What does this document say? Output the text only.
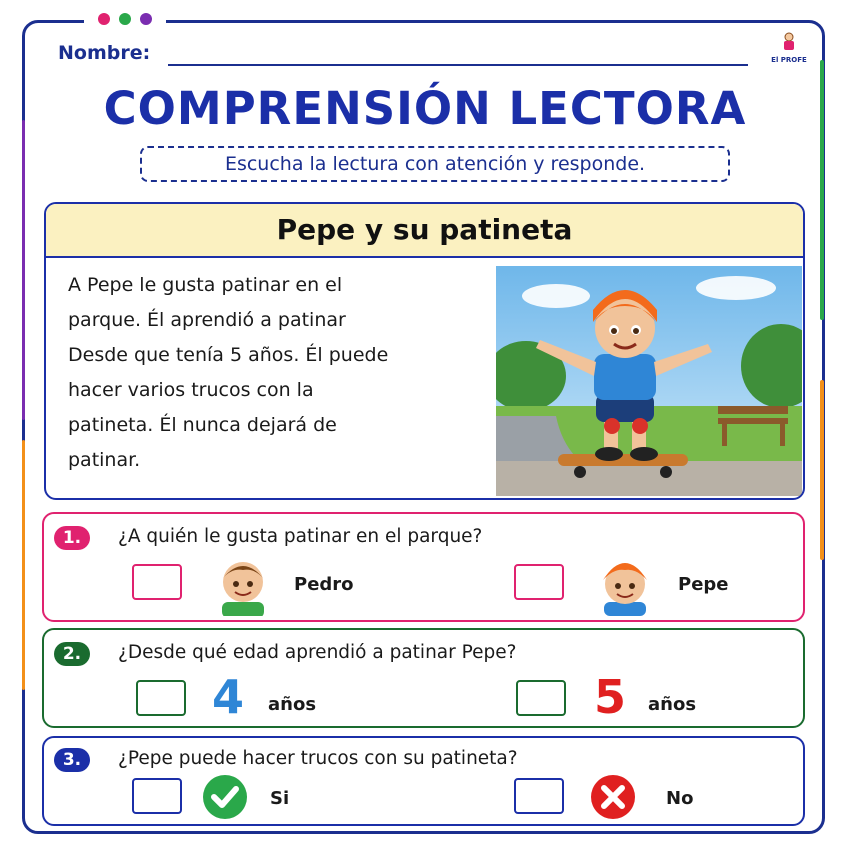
Nombre:	El PROFE
COMPRENSIÓN LECTORA
Escucha la lectura con atención y responde.
Pepe y su patineta
A Pepe le gusta patinar en el
parque. Él aprendió a patinar
Desde que tenía 5 años. Él puede
hacer varios trucos con la
patineta. Él nunca dejará de
patinar.
1.	¿A quién le gusta patinar en el parque?
Pedro	Pepe
2.	¿Desde qué edad aprendió a patinar Pepe?
4 años	5 años
3.	¿Pepe puede hacer trucos con su patineta?
Si	No
